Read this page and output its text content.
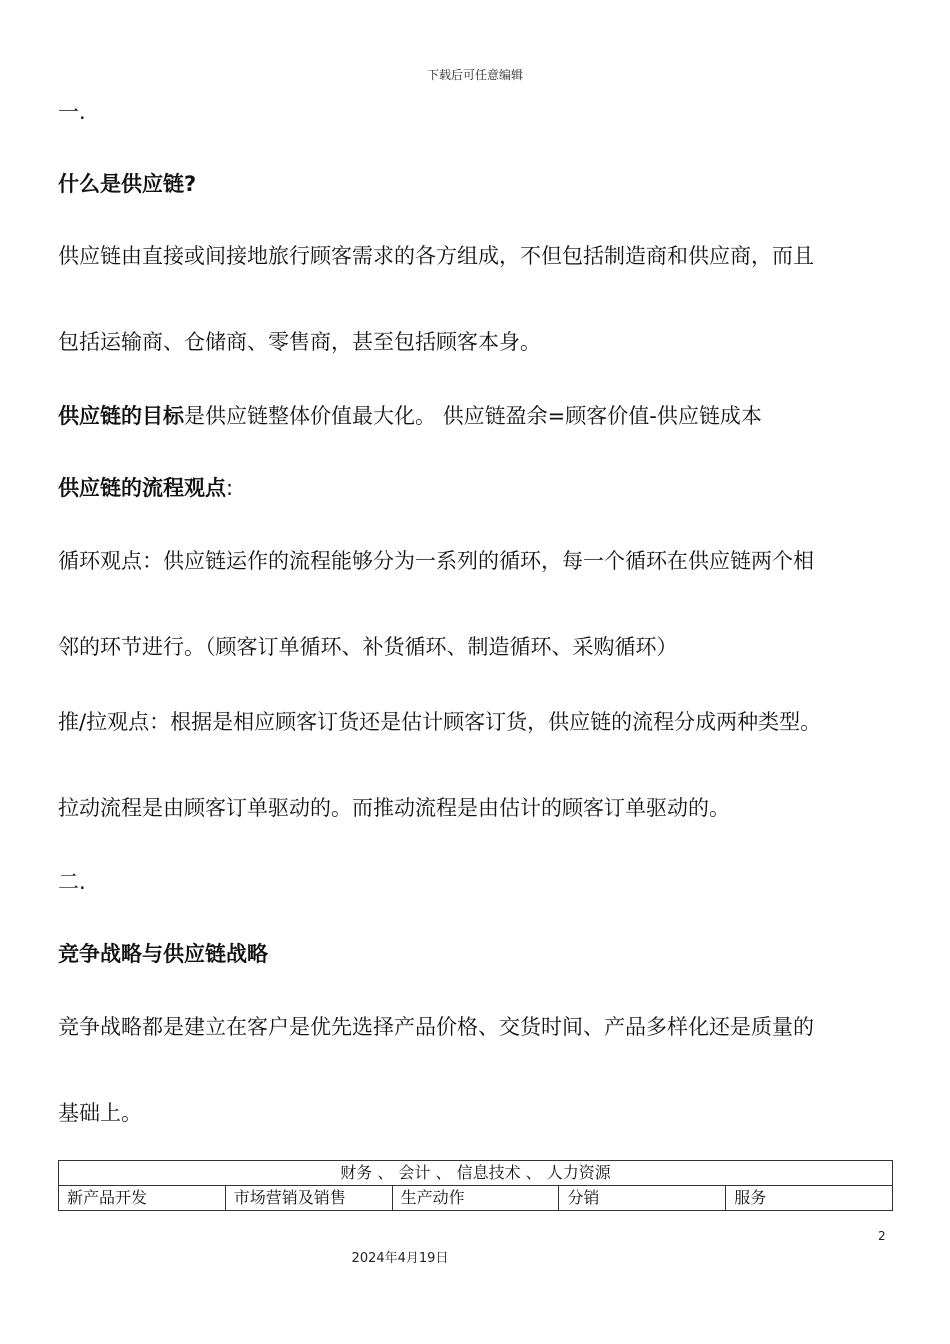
下载后可任意编辑
一.
什么是供应链?
供应链由直接或间接地旅行顾客需求的各方组成，不但包括制造商和供应商，而且
包括运输商、仓储商、零售商，甚至包括顾客本身。
供应链的目标是供应链整体价值最大化。 供应链盈余=顾客价值-供应链成本
供应链的流程观点:
循环观点：供应链运作的流程能够分为一系列的循环，每一个循环在供应链两个相
邻的环节进行。（顾客订单循环、补货循环、制造循环、采购循环）
推/拉观点：根据是相应顾客订货还是估计顾客订货，供应链的流程分成两种类型。
拉动流程是由顾客订单驱动的。而推动流程是由估计的顾客订单驱动的。
二.
竞争战略与供应链战略
竞争战略都是建立在客户是优先选择产品价格、交货时间、产品多样化还是质量的
基础上。
财务 、 会计 、 信息技术 、 人力资源
新产品开发	市场营销及销售	生产动作	分销	服务
2
2024年4月19日
